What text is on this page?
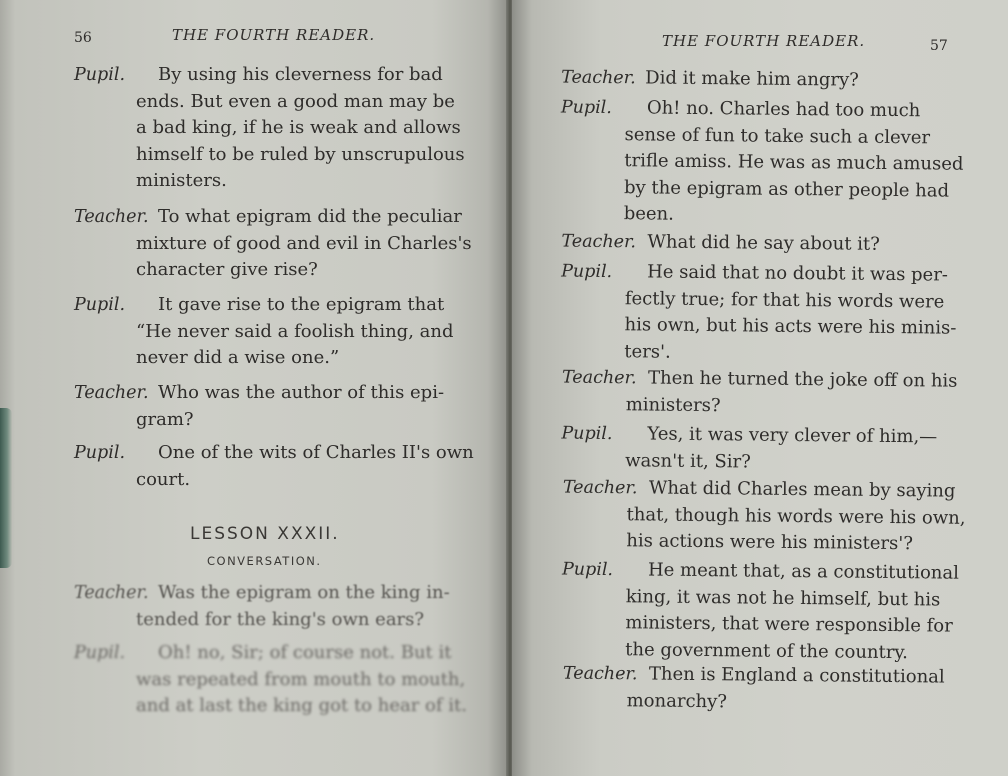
56	THE FOURTH READER.
Pupil.	By using his cleverness for bad
ends. But even a good man may be
a bad king, if he is weak and allows
himself to be ruled by unscrupulous
ministers.
Teacher. To what epigram did the peculiar
mixture of good and evil in Charles's
character give rise?
Pupil.	It gave rise to the epigram that
“He never said a foolish thing, and
never did a wise one.”
Teacher. Who was the author of this epi-
gram?
Pupil.	One of the wits of Charles II's own
court.
LESSON XXXII.
CONVERSATION.
Teacher. Was the epigram on the king in-
tended for the king's own ears?
Pupil.	Oh! no, Sir; of course not. But it
was repeated from mouth to mouth,
and at last the king got to hear of it.
THE FOURTH READER.	57
Teacher. Did it make him angry?
Pupil.	Oh! no. Charles had too much
sense of fun to take such a clever
trifle amiss. He was as much amused
by the epigram as other people had
been.
Teacher. What did he say about it?
Pupil.	He said that no doubt it was per-
fectly true; for that his words were
his own, but his acts were his minis-
ters'.
Teacher. Then he turned the joke off on his
ministers?
Pupil.	Yes, it was very clever of him,—
wasn't it, Sir?
Teacher. What did Charles mean by saying
that, though his words were his own,
his actions were his ministers'?
Pupil.	He meant that, as a constitutional
king, it was not he himself, but his
ministers, that were responsible for
the government of the country.
Teacher. Then is England a constitutional
monarchy?
